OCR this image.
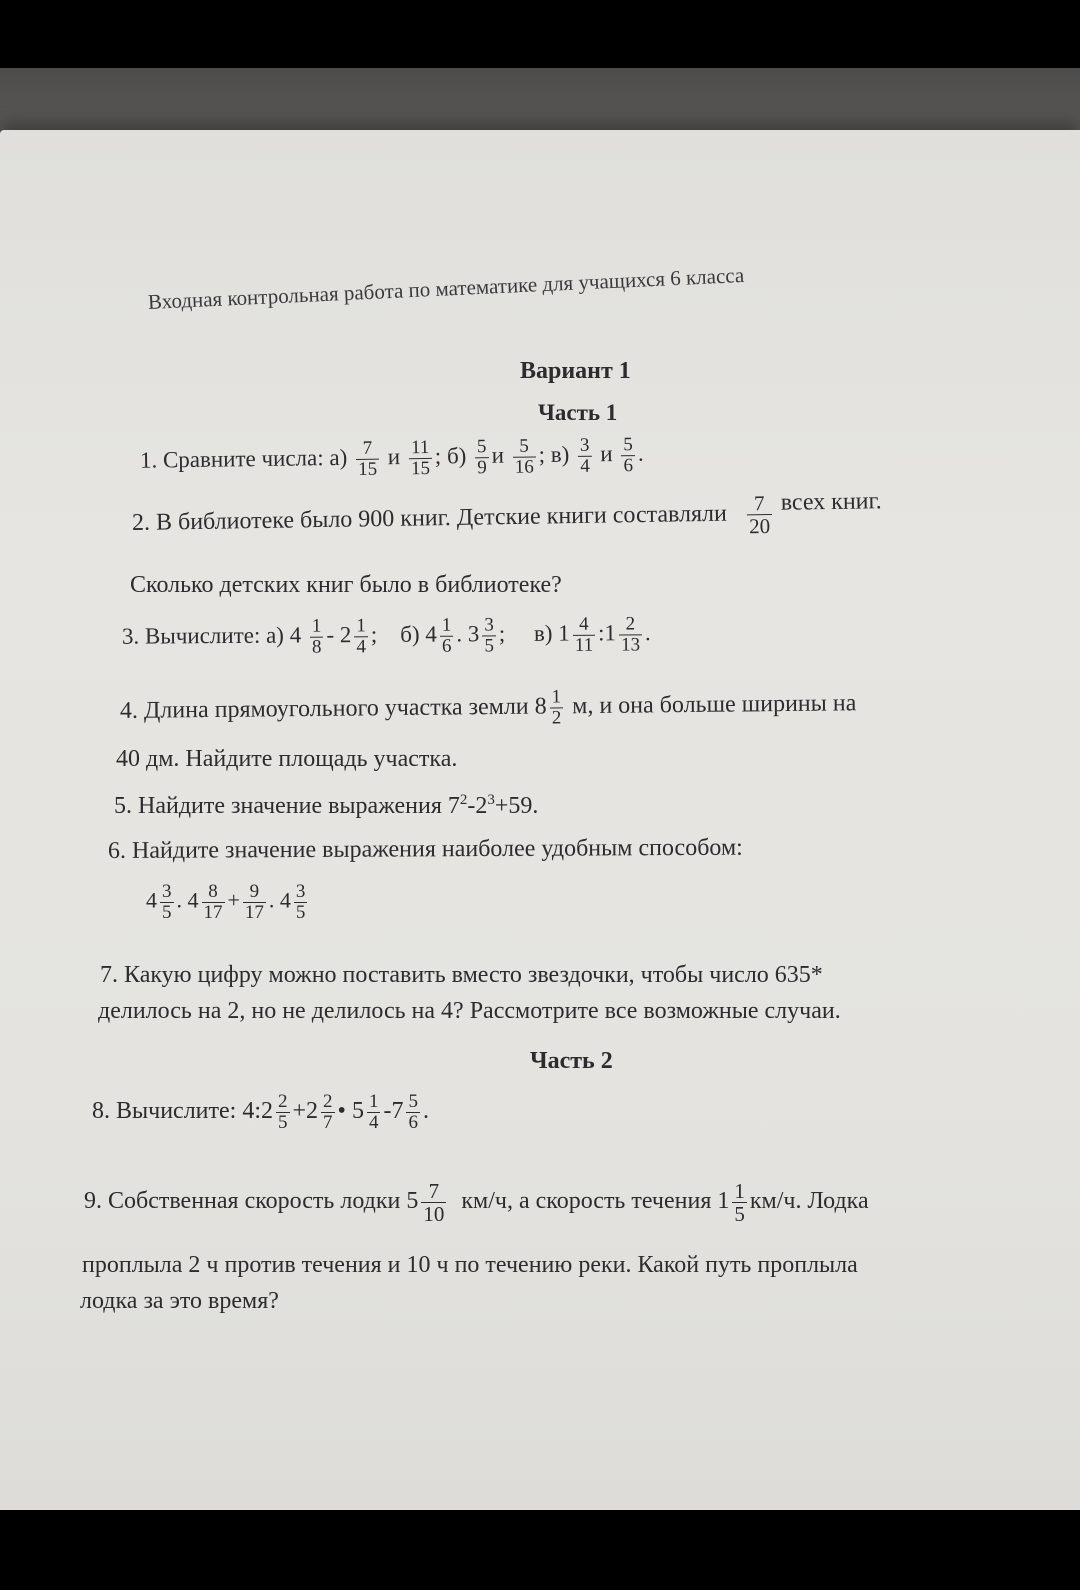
Входная контрольная работа по математике для учащихся 6 класса
Вариант 1
Часть 1
1. Сравните числа: $а) \frac{7}{15}$ и $\frac{11}{15}$ ; $б) \frac{5}{9}$ и $\frac{5}{16}$ ; $в) \frac{3}{4}$ и $\frac{5}{6}$ .
2. В библиотеке было 900 книг. Детские книги составляли $\frac{7}{20}$ всех книг.
Сколько детских книг было в библиотеке?
3. Вычислите: а) $4 \frac{1}{8} - 2 \frac{1}{4}$ ; б) $4 \frac{1}{6}$ . $3 \frac{3}{5}$ ; в) $1 \frac{4}{11}$ :1 $\frac{2}{13}$ .
4. Длина прямоугольного участка земли $8 \frac{1}{2} м$, и она больше ширины на
40 дм. Найдите площадь участка.
5. Найдите значение выражения $7^2-2^3+59$.
6. Найдите значение выражения наиболее удобным способом:
$4 \frac{3}{5}$ . $4 \frac{8}{17} + \frac{9}{17}$ . $4 \frac{3}{5}$
7. Какую цифру можно поставить вместо звездочки, чтобы число 635*
делилось на 2, но не делилось на 4? Рассмотрите все возможные случаи.
Часть 2
8. Вычислите: 4:2 $\frac{2}{5} +2 \frac{2}{7}$ • $5 \frac{1}{4} -7 \frac{5}{6}$ .
9. Собственная скорость лодки $5 \frac{7}{10} км/ч$, а скорость течения $1 \frac{1}{5} км/ч$. Лодка
проплыла 2 ч против течения и 10 ч по течению реки. Какой путь проплыла
лодка за это время?
